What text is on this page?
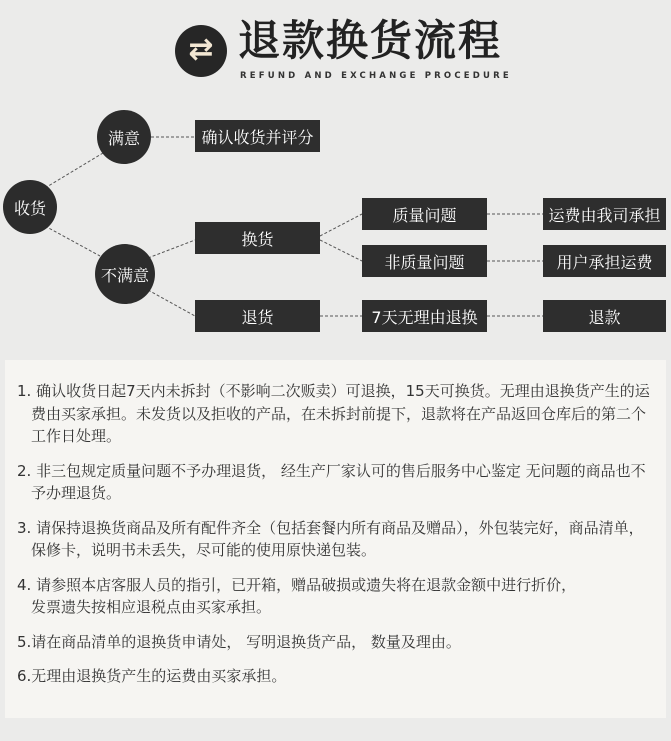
⇄ 退款换货流程
REFUND AND EXCHANGE PROCEDURE
收货
满意
不满意
确认收货并评分
换货
退货
质量问题
非质量问题
7天无理由退换
运费由我司承担
用户承担运费
退款
1. 确认收货日起7天内未拆封（不影响二次贩卖）可退换，15天可换货。无理由退换货产生的运费由买家承担。未发货以及拒收的产品，在未拆封前提下，退款将在产品返回仓库后的第二个工作日处理。
2. 非三包规定质量问题不予办理退货， 经生产厂家认可的售后服务中心鉴定 无问题的商品也不予办理退货。
3. 请保持退换货商品及所有配件齐全（包括套餐内所有商品及赠品），外包装完好，商品清单，保修卡，说明书未丢失，尽可能的使用原快递包装。
4. 请参照本店客服人员的指引，已开箱，赠品破损或遗失将在退款金额中进行折价，发票遗失按相应退税点由买家承担。
5.请在商品清单的退换货申请处， 写明退换货产品， 数量及理由。
6.无理由退换货产生的运费由买家承担。
